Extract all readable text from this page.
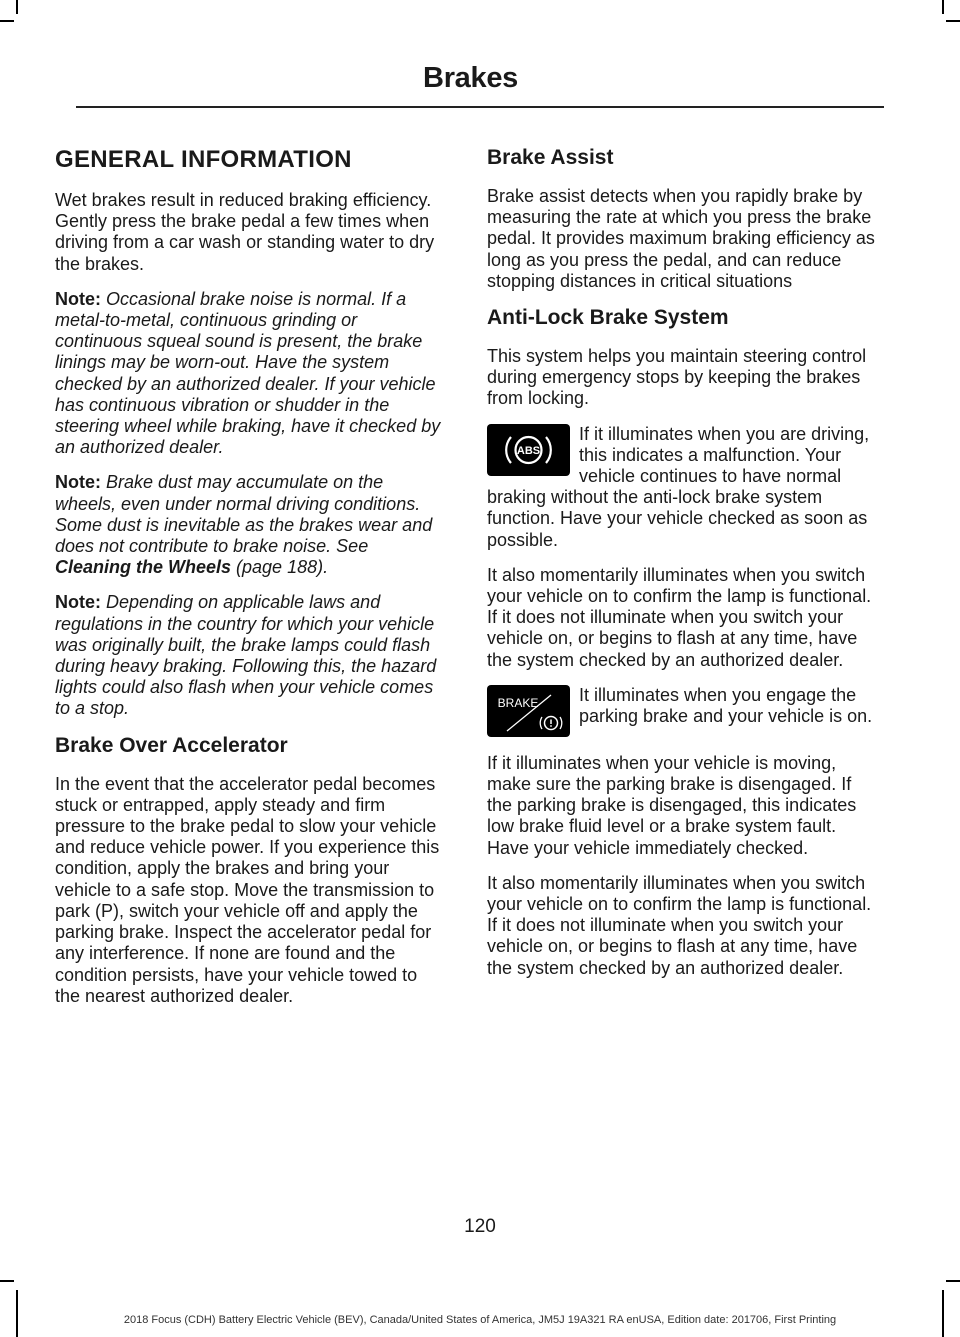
Brakes
GENERAL INFORMATION

Wet brakes result in reduced braking efficiency. Gently press the brake pedal a few times when driving from a car wash or standing water to dry the brakes.

Note: Occasional brake noise is normal. If a metal-to-metal, continuous grinding or continuous squeal sound is present, the brake linings may be worn-out. Have the system checked by an authorized dealer. If your vehicle has continuous vibration or shudder in the steering wheel while braking, have it checked by an authorized dealer.

Note: Brake dust may accumulate on the wheels, even under normal driving conditions. Some dust is inevitable as the brakes wear and does not contribute to brake noise. See Cleaning the Wheels (page 188).

Note: Depending on applicable laws and regulations in the country for which your vehicle was originally built, the brake lamps could flash during heavy braking. Following this, the hazard lights could also flash when your vehicle comes to a stop.

Brake Over Accelerator

In the event that the accelerator pedal becomes stuck or entrapped, apply steady and firm pressure to the brake pedal to slow your vehicle and reduce vehicle power. If you experience this condition, apply the brakes and bring your vehicle to a safe stop. Move the transmission to park (P), switch your vehicle off and apply the parking brake. Inspect the accelerator pedal for any interference. If none are found and the condition persists, have your vehicle towed to the nearest authorized dealer.

Brake Assist

Brake assist detects when you rapidly brake by measuring the rate at which you press the brake pedal. It provides maximum braking efficiency as long as you press the pedal, and can reduce stopping distances in critical situations

Anti-Lock Brake System

This system helps you maintain steering control during emergency stops by keeping the brakes from locking.

ABS

If it illuminates when you are driving, this indicates a malfunction. Your vehicle continues to have normal braking without the anti-lock brake system function. Have your vehicle checked as soon as possible.

It also momentarily illuminates when you switch your vehicle on to confirm the lamp is functional. If it does not illuminate when you switch your vehicle on, or begins to flash at any time, have the system checked by an authorized dealer.

BRAKE	It illuminates when you engage the parking brake and your vehicle is on.

If it illuminates when your vehicle is moving, make sure the parking brake is disengaged. If the parking brake is disengaged, this indicates low brake fluid level or a brake system fault. Have your vehicle immediately checked.

It also momentarily illuminates when you switch your vehicle on to confirm the lamp is functional. If it does not illuminate when you switch your vehicle on, or begins to flash at any time, have the system checked by an authorized dealer.

120
2018 Focus (CDH) Battery Electric Vehicle (BEV), Canada/United States of America, JM5J 19A321 RA enUSA, Edition date: 201706, First Printing
